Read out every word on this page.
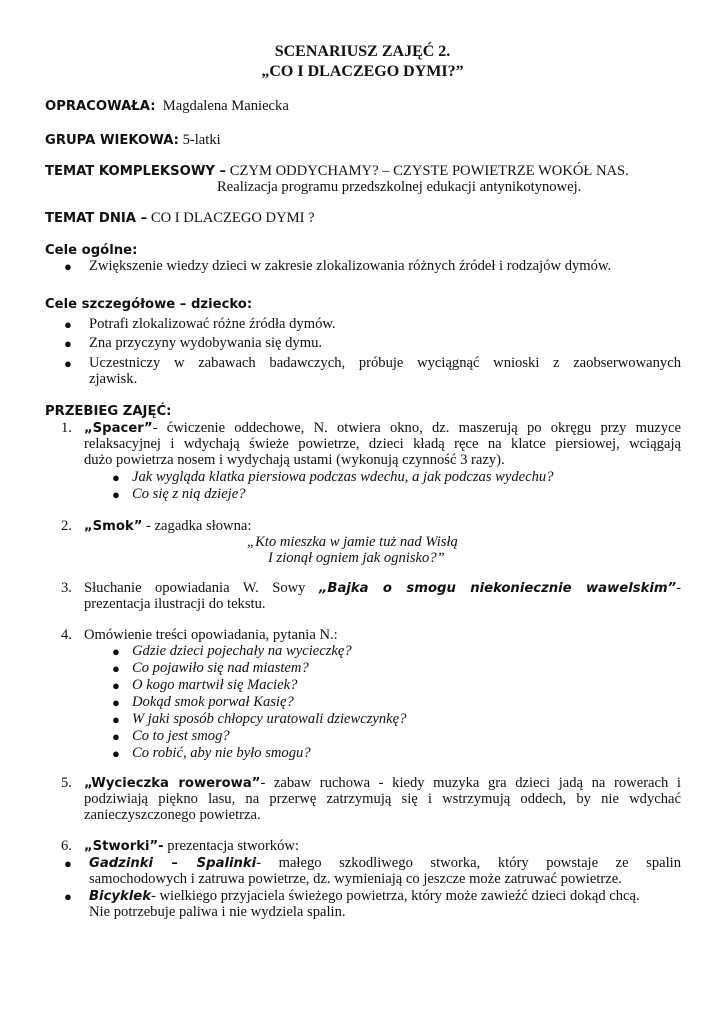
SCENARIUSZ ZAJĘĆ 2.
„CO I DLACZEGO DYMI?”
OPRACOWAŁA: Magdalena Maniecka
GRUPA WIEKOWA: 5-latki
TEMAT KOMPLEKSOWY – CZYM ODDYCHAMY? – CZYSTE POWIETRZE WOKÓŁ NAS.
Realizacja programu przedszkolnej edukacji antynikotynowej.
TEMAT DNIA – CO I DLACZEGO DYMI ?
Cele ogólne:
● Zwiększenie wiedzy dzieci w zakresie zlokalizowania różnych źródeł i rodzajów dymów.
Cele szczegółowe – dziecko:
● Potrafi zlokalizować różne źródła dymów.
● Zna przyczyny wydobywania się dymu.
● Uczestniczy w zabawach badawczych, próbuje wyciągnąć wnioski z zaobserwowanych
zjawisk.
PRZEBIEG ZAJĘĆ:
1. „Spacer”- ćwiczenie oddechowe, N. otwiera okno, dz. maszerują po okręgu przy muzyce
relaksacyjnej i wdychają świeże powietrze, dzieci kładą ręce na klatce piersiowej, wciągają
dużo powietrza nosem i wydychają ustami (wykonują czynność 3 razy).
● Jak wygląda klatka piersiowa podczas wdechu, a jak podczas wydechu?
● Co się z nią dzieje?
2. „Smok” - zagadka słowna:
„Kto mieszka w jamie tuż nad Wisłą
I zionął ogniem jak ognisko?”
3. Słuchanie opowiadania W. Sowy „Bajka o smogu niekoniecznie wawelskim”-
prezentacja ilustracji do tekstu.
4. Omówienie treści opowiadania, pytania N.:
● Gdzie dzieci pojechały na wycieczkę?
● Co pojawiło się nad miastem?
● O kogo martwił się Maciek?
● Dokąd smok porwał Kasię?
● W jaki sposób chłopcy uratowali dziewczynkę?
● Co to jest smog?
● Co robić, aby nie było smogu?
5. „Wycieczka rowerowa”- zabaw ruchowa - kiedy muzyka gra dzieci jadą na rowerach i
podziwiają piękno lasu, na przerwę zatrzymują się i wstrzymują oddech, by nie wdychać
zanieczyszczonego powietrza.
6. „Stworki”- prezentacja stworków:
● Gadzinki – Spalinki- małego szkodliwego stworka, który powstaje ze spalin
samochodowych i zatruwa powietrze, dz. wymieniają co jeszcze może zatruwać powietrze.
● Bicyklek- wielkiego przyjaciela świeżego powietrza, który może zawieźć dzieci dokąd chcą.
Nie potrzebuje paliwa i nie wydziela spalin.
